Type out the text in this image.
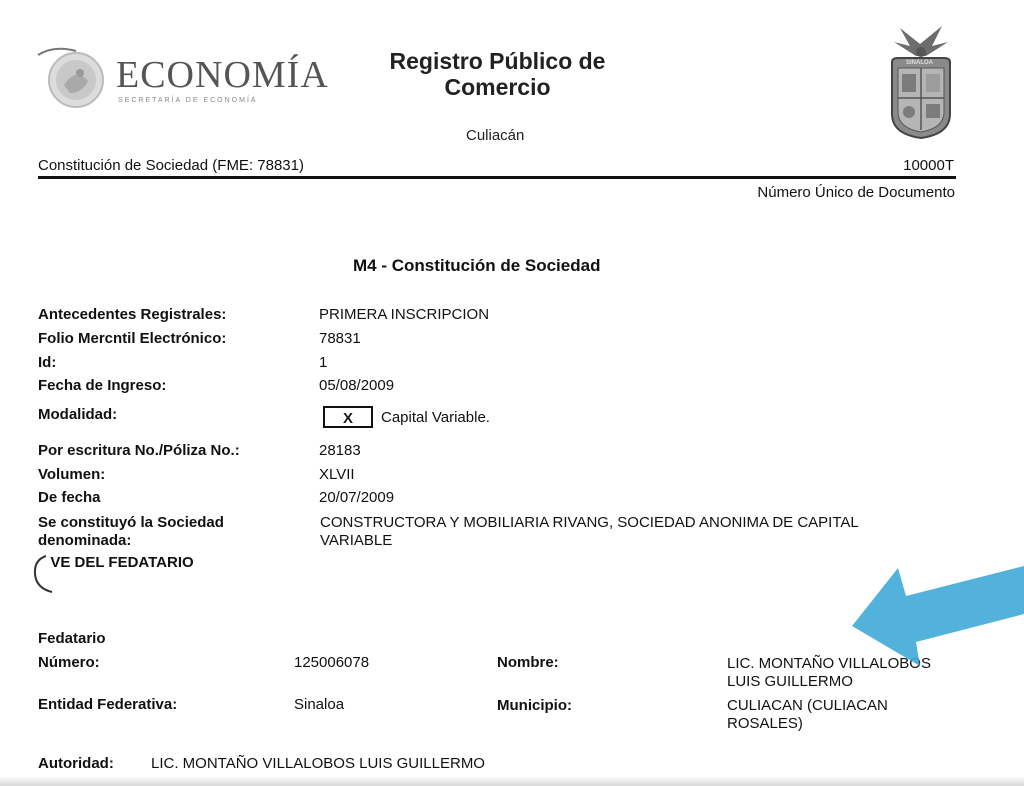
ECONOMÍA
SECRETARÍA DE ECONOMÍA
Registro Público de
Comercio
Culiacán
SINALOA
Constitución de Sociedad (FME: 78831)	10000T
Número Único de Documento
M4 - Constitución de Sociedad
Antecedentes Registrales:	PRIMERA INSCRIPCION
Folio Mercntil Electrónico:	78831
Id:	1
Fecha de Ingreso:	05/08/2009
Modalidad:	X	Capital Variable.
Por escritura No./Póliza No.:	28183
Volumen:	XLVII
De fecha	20/07/2009
Se constituyó la Sociedad
denominada:
CONSTRUCTORA Y MOBILIARIA RIVANG, SOCIEDAD ANONIMA DE CAPITAL VARIABLE
VE DEL FEDATARIO
Fedatario
Número:	125006078	Nombre:	LIC. MONTAÑO VILLALOBOS
LUIS GUILLERMO
Entidad Federativa:	Sinaloa	Municipio:	CULIACAN (CULIACAN
ROSALES)
Autoridad: LIC. MONTAÑO VILLALOBOS LUIS GUILLERMO
